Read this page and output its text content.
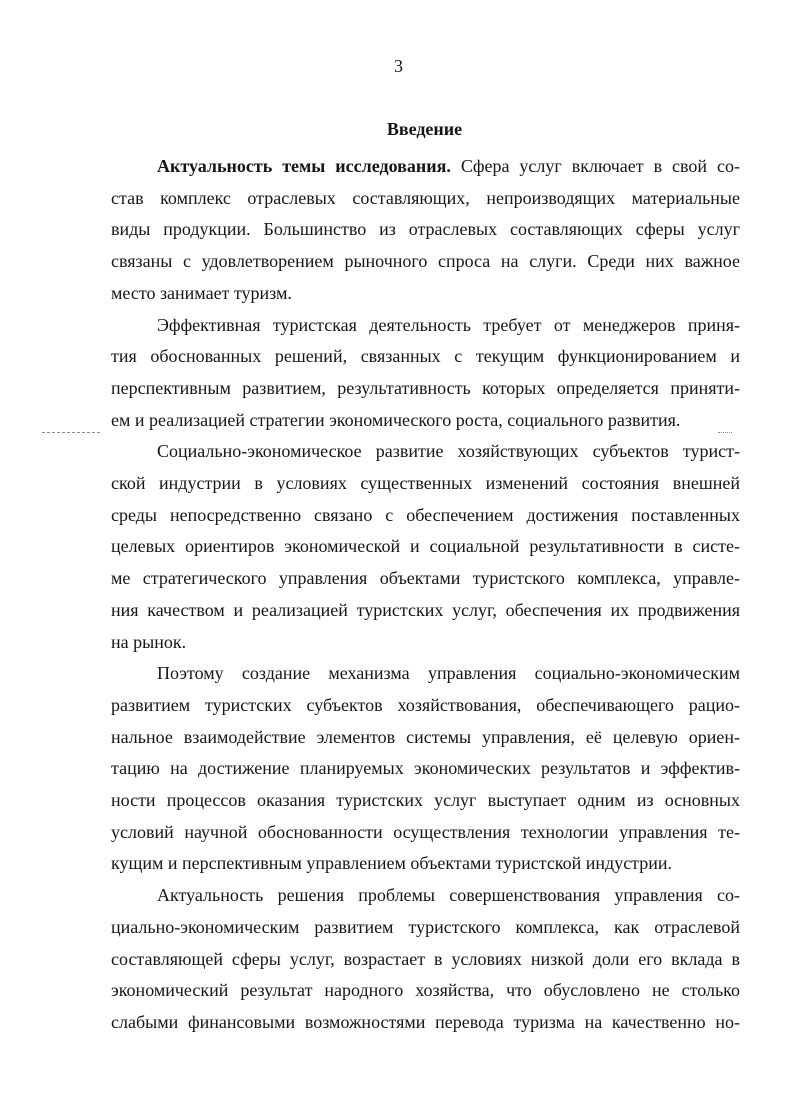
3
Введение
Актуальность темы исследования. Сфера услуг включает в свой со-
став комплекс отраслевых составляющих, непроизводящих материальные
виды продукции. Большинство из отраслевых составляющих сферы услуг
связаны с удовлетворением рыночного спроса на слуги. Среди них важное
место занимает туризм.
Эффективная туристская деятельность требует от менеджеров приня-
тия обоснованных решений, связанных с текущим функционированием и
перспективным развитием, результативность которых определяется приняти-
ем и реализацией стратегии экономического роста, социального развития.
Социально-экономическое развитие хозяйствующих субъектов турист-
ской индустрии в условиях существенных изменений состояния внешней
среды непосредственно связано с обеспечением достижения поставленных
целевых ориентиров экономической и социальной результативности в систе-
ме стратегического управления объектами туристского комплекса, управле-
ния качеством и реализацией туристских услуг, обеспечения их продвижения
на рынок.
Поэтому создание механизма управления социально-экономическим
развитием туристских субъектов хозяйствования, обеспечивающего рацио-
нальное взаимодействие элементов системы управления, её целевую ориен-
тацию на достижение планируемых экономических результатов и эффектив-
ности процессов оказания туристских услуг выступает одним из основных
условий научной обоснованности осуществления технологии управления те-
кущим и перспективным управлением объектами туристской индустрии.
Актуальность решения проблемы совершенствования управления со-
циально-экономическим развитием туристского комплекса, как отраслевой
составляющей сферы услуг, возрастает в условиях низкой доли его вклада в
экономический результат народного хозяйства, что обусловлено не столько
слабыми финансовыми возможностями перевода туризма на качественно но-
